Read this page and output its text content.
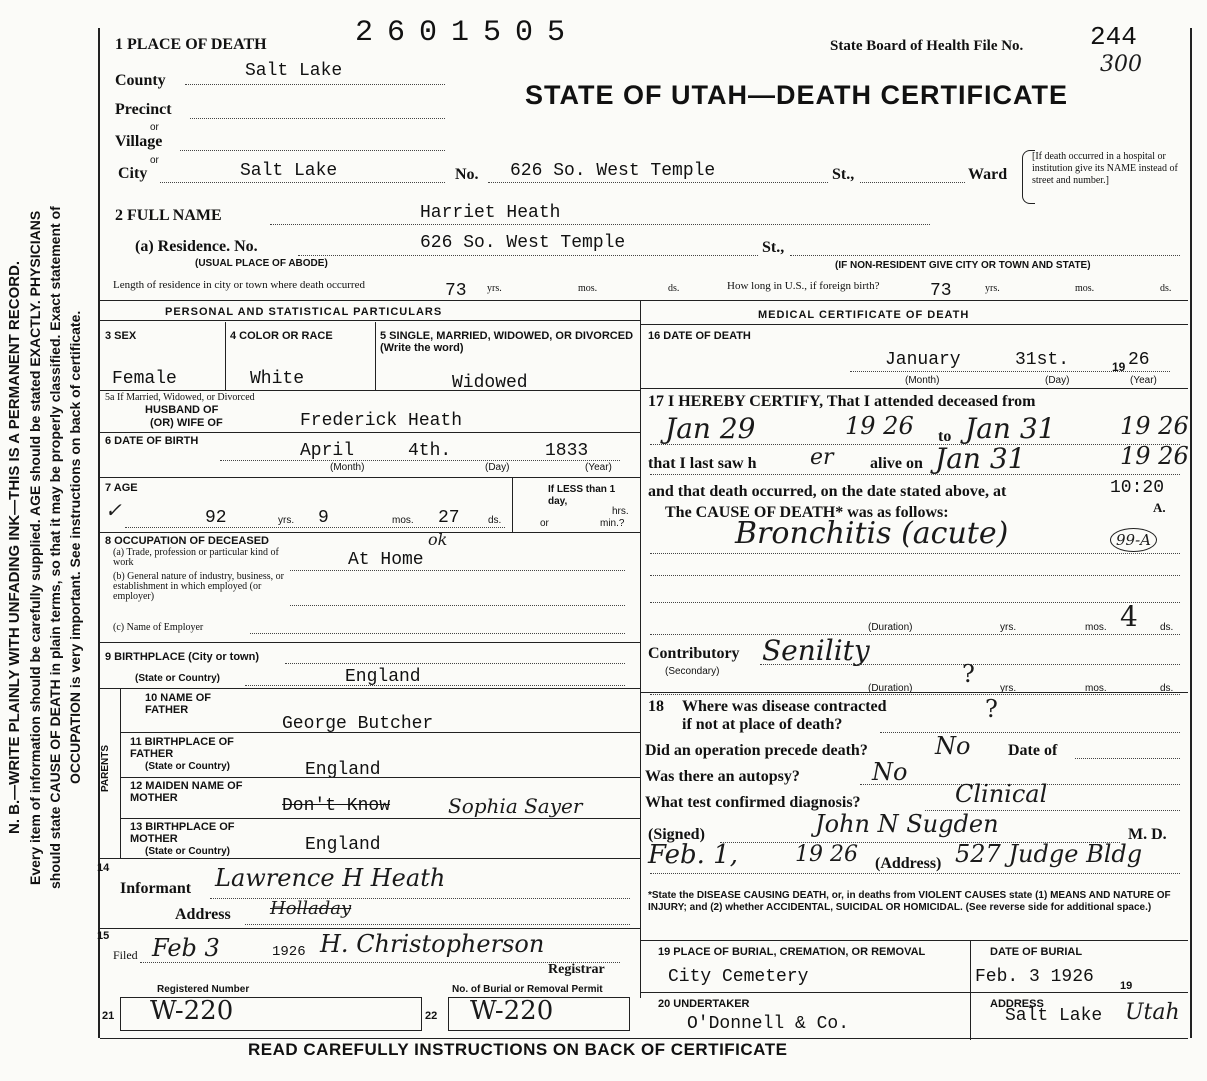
N. B.—WRITE PLAINLY WITH UNFADING INK—THIS IS A PERMANENT RECORD. Every item of information should be carefully supplied. AGE should be stated EXACTLY. PHYSICIANS should state CAUSE OF DEATH in plain terms, so that it may be properly classified. Exact statement of OCCUPATION is very important. See instructions on back of certificate.
1 PLACE OF DEATH	2601505	State Board of Health File No.	244
300
STATE OF UTAH—DEATH CERTIFICATE
County	Salt Lake
Precinct
or
Village
or
City	Salt Lake	No. 626 So. West Temple	St.,	Ward
[If death occurred in a hospital or institution give its NAME instead of street and number.]
2 FULL NAME	Harriet Heath
(a) Residence. No.	626 So. West Temple	St.,
(USUAL PLACE OF ABODE)	(IF NON-RESIDENT GIVE CITY OR TOWN AND STATE)
Length of residence in city or town where death occurred	73 yrs.	mos.	ds.	How long in U.S., if foreign birth?	73	yrs.	mos.	ds.
PERSONAL AND STATISTICAL PARTICULARS	MEDICAL CERTIFICATE OF DEATH
3 SEX
Female
4 COLOR OR RACE
White
5 SINGLE, MARRIED, WIDOWED, OR DIVORCED (Write the word)
Widowed
5a If Married, Widowed, or Divorced
HUSBAND OF
(OR) WIFE OF	Frederick Heath
6 DATE OF BIRTH	April	4th.	1833
(Month)	(Day)	(Year)
7 AGE
✓	92	yrs. 9	mos. 27	ds.
If LESS than 1 day,
hrs.
or	min.?
8 OCCUPATION OF DECEASED
(a) Trade, profession or particular kind of work	At Home
ok
(b) General nature of industry, business, or establishment in which employed (or employer)
(c) Name of Employer
9 BIRTHPLACE (City or town)
(State or Country)	England
PARENTS
10 NAME OF FATHER
George Butcher
11 BIRTHPLACE OF FATHER
(State or Country)	England
12 MAIDEN NAME OF MOTHER	Don't Know	Sophia Sayer
13 BIRTHPLACE OF MOTHER
(State or Country)	England
14
Informant Lawrence H Heath
Address Holladay
15
Filed Feb 3	1926 H. Christopherson
Registrar
Registered Number	No. of Burial or Removal Permit
21 W-220	22 W-220
16 DATE OF DEATH
January	31st.	19 26
(Month)	(Day)	(Year)
17 I HEREBY CERTIFY, That I attended deceased from
Jan 29	19 26 to Jan 31	19 26
that I last saw h er alive on Jan 31	19 26
and that death occurred, on the date stated above, at	10:20
A.
The CAUSE OF DEATH* was as follows:
Bronchitis (acute)	99-A
(Duration)	yrs.	mos. 4 ds.
Contributory
(Secondary)
Senility
(Duration)
?
yrs.	mos.	ds.
18 Where was disease contracted
if not at place of death?
?
Did an operation precede death?	No Date of
Was there an autopsy?	No
What test confirmed diagnosis?	Clinical
(Signed)	John N Sugden	M. D.
Feb. 1,	19 26 (Address) 527 Judge Bldg
*State the DISEASE CAUSING DEATH, or, in deaths from VIOLENT CAUSES state (1) MEANS AND NATURE OF INJURY; and (2) whether ACCIDENTAL, SUICIDAL OR HOMICIDAL. (See reverse side for additional space.)
19 PLACE OF BURIAL, CREMATION, OR REMOVAL	DATE OF BURIAL
City Cemetery	Feb. 3 1926 19
20 UNDERTAKER
O'Donnell & Co.
ADDRESS
Salt Lake Utah
READ CAREFULLY INSTRUCTIONS ON BACK OF CERTIFICATE
